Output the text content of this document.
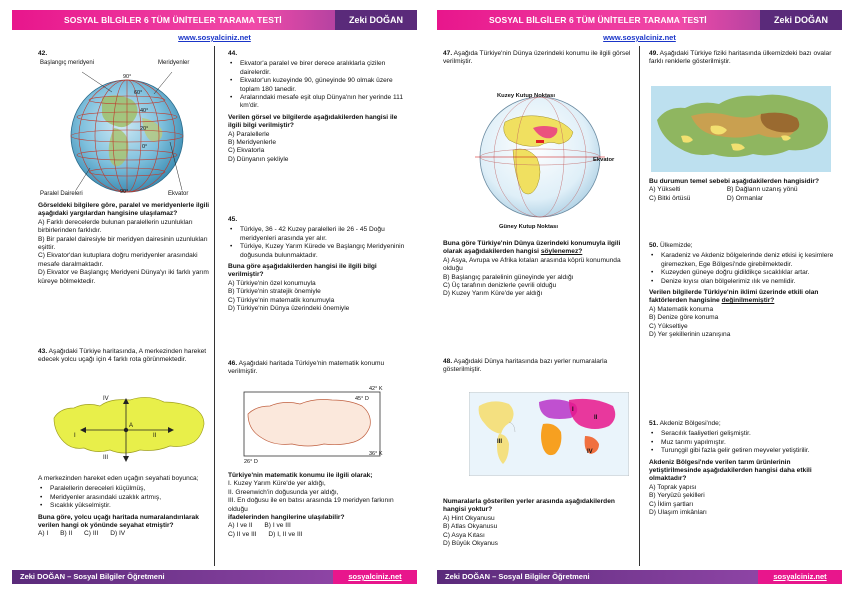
SOSYAL BİLGİLER 6 TÜM ÜNİTELER TARAMA TESTİ	Zeki DOĞAN
www.sosyalciniz.net
42.
Başlangıç meridyeni	Meridyenler
90°
60°
40°
20°
0°
90°
Paralel Daireleri	Ekvator
Görseldeki bilgilere göre, paralel ve meridyenlerle ilgili aşağıdaki yargılardan hangisine ulaşılamaz?
A) Farklı derecelerde bulunan paralellerin uzunlukları birbirlerinden farklıdır.
B) Bir paralel dairesiyle bir meridyen dairesinin uzunlukları eşittir.
C) Ekvator'dan kutuplara doğru meridyenler arasındaki mesafe daralmaktadır.
D) Ekvator ve Başlangıç Meridyeni Dünya'yı iki farklı yarım küreye bölmektedir.
43. Aşağıdaki Türkiye haritasında, A merkezinden hareket edecek yolcu uçağı için 4 farklı rota görünmektedir.
IV
I	II
A
III
A merkezinden hareket eden uçağın seyahati boyunca;
• Paralellerin dereceleri küçülmüş,
• Meridyenler arasındaki uzaklık artmış,
• Sıcaklık yükselmiştir.
Buna göre, yolcu uçağı haritada numaralandırılarak verilen hangi ok yönünde seyahat etmiştir?
A) I B) II C) III D) IV
44.
• Ekvator'a paralel ve birer derece aralıklarla çizilen dairelerdir.
• Ekvator'un kuzeyinde 90, güneyinde 90 olmak üzere toplam 180 tanedir.
• Aralarındaki mesafe eşit olup Dünya'nın her yerinde 111 km'dir.
Verilen görsel ve bilgilerde aşağıdakilerden hangisi ile ilgili bilgi verilmiştir?
A) Paralellerle
B) Meridyenlerle
C) Ekvatorla
D) Dünyanın şekliyle
45.
• Türkiye, 36 - 42 Kuzey paralelleri ile 26 - 45 Doğu meridyenleri arasında yer alır.
• Türkiye, Kuzey Yarım Kürede ve Başlangıç Meridyeninin doğusunda bulunmaktadır.
Buna göre aşağıdakilerden hangisi ile ilgili bilgi verilmiştir?
A) Türkiye'nin özel konumuyla
B) Türkiye'nin stratejik önemiyle
C) Türkiye'nin matematik konumuyla
D) Türkiye'nin Dünya üzerindeki önemiyle
46. Aşağıdaki haritada Türkiye'nin matematik konumu verilmiştir.
42° K
36° K
26° D
45° D
Türkiye'nin matematik konumu ile ilgili olarak;
I. Kuzey Yarım Küre'de yer aldığı,
II. Greenwich'in doğusunda yer aldığı,
III. En doğusu ile en batısı arasında 19 meridyen farkının olduğu
ifadelerinden hangilerine ulaşılabilir?
A) I ve II B) I ve III
C) II ve III D) I, II ve III
Zeki DOĞAN – Sosyal Bilgiler Öğretmeni	sosyalciniz.net
SOSYAL BİLGİLER 6 TÜM ÜNİTELER TARAMA TESTİ	Zeki DOĞAN
www.sosyalciniz.net
47. Aşağıda Türkiye'nin Dünya üzerindeki konumu ile ilgili görsel verilmiştir.
Kuzey Kutup Noktası
Ekvator
Güney Kutup Noktası
Buna göre Türkiye'nin Dünya üzerindeki konumuyla ilgili olarak aşağıdakilerden hangisi söylenemez?
A) Asya, Avrupa ve Afrika kıtaları arasında köprü konumunda olduğu
B) Başlangıç paralelinin güneyinde yer aldığı
C) Üç tarafının denizlerle çevrili olduğu
D) Kuzey Yarım Küre'de yer aldığı
48. Aşağıdaki Dünya haritasında bazı yerler numaralarla gösterilmiştir.
I
II
III
IV
Numaralarla gösterilen yerler arasında aşağıdakilerden hangisi yoktur?
A) Hint Okyanusu
B) Atlas Okyanusu
C) Asya Kıtası
D) Büyük Okyanus
49. Aşağıdaki Türkiye fiziki haritasında ülkemizdeki bazı ovalar farklı renklerle gösterilmiştir.
Bu durumun temel sebebi aşağıdakilerden hangisidir?
A) Yükselti	B) Dağların uzanış yönü
C) Bitki örtüsü	D) Ormanlar
50. Ülkemizde;
• Karadeniz ve Akdeniz bölgelerinde deniz etkisi iç kesimlere giremezken, Ege Bölgesi'nde girebilmektedir.
• Kuzeyden güneye doğru gidildikçe sıcaklıklar artar.
• Denize kıyısı olan bölgelerimiz ılık ve nemlidir.
Verilen bilgilerde Türkiye'nin iklimi üzerinde etkili olan faktörlerden hangisine değinilmemiştir?
A) Matematik konuma
B) Denize göre konuma
C) Yükseltiye
D) Yer şekillerinin uzanışına
51. Akdeniz Bölgesi'nde;
• Seracılık faaliyetleri gelişmiştir.
• Muz tarımı yapılmıştır.
• Turunçgil gibi fazla gelir getiren meyveler yetiştirilir.
Akdeniz Bölgesi'nde verilen tarım ürünlerinin yetiştirilmesinde aşağıdakilerden hangisi daha etkili olmaktadır?
A) Toprak yapısı
B) Yeryüzü şekilleri
C) İklim şartları
D) Ulaşım imkânları
Zeki DOĞAN – Sosyal Bilgiler Öğretmeni	sosyalciniz.net
